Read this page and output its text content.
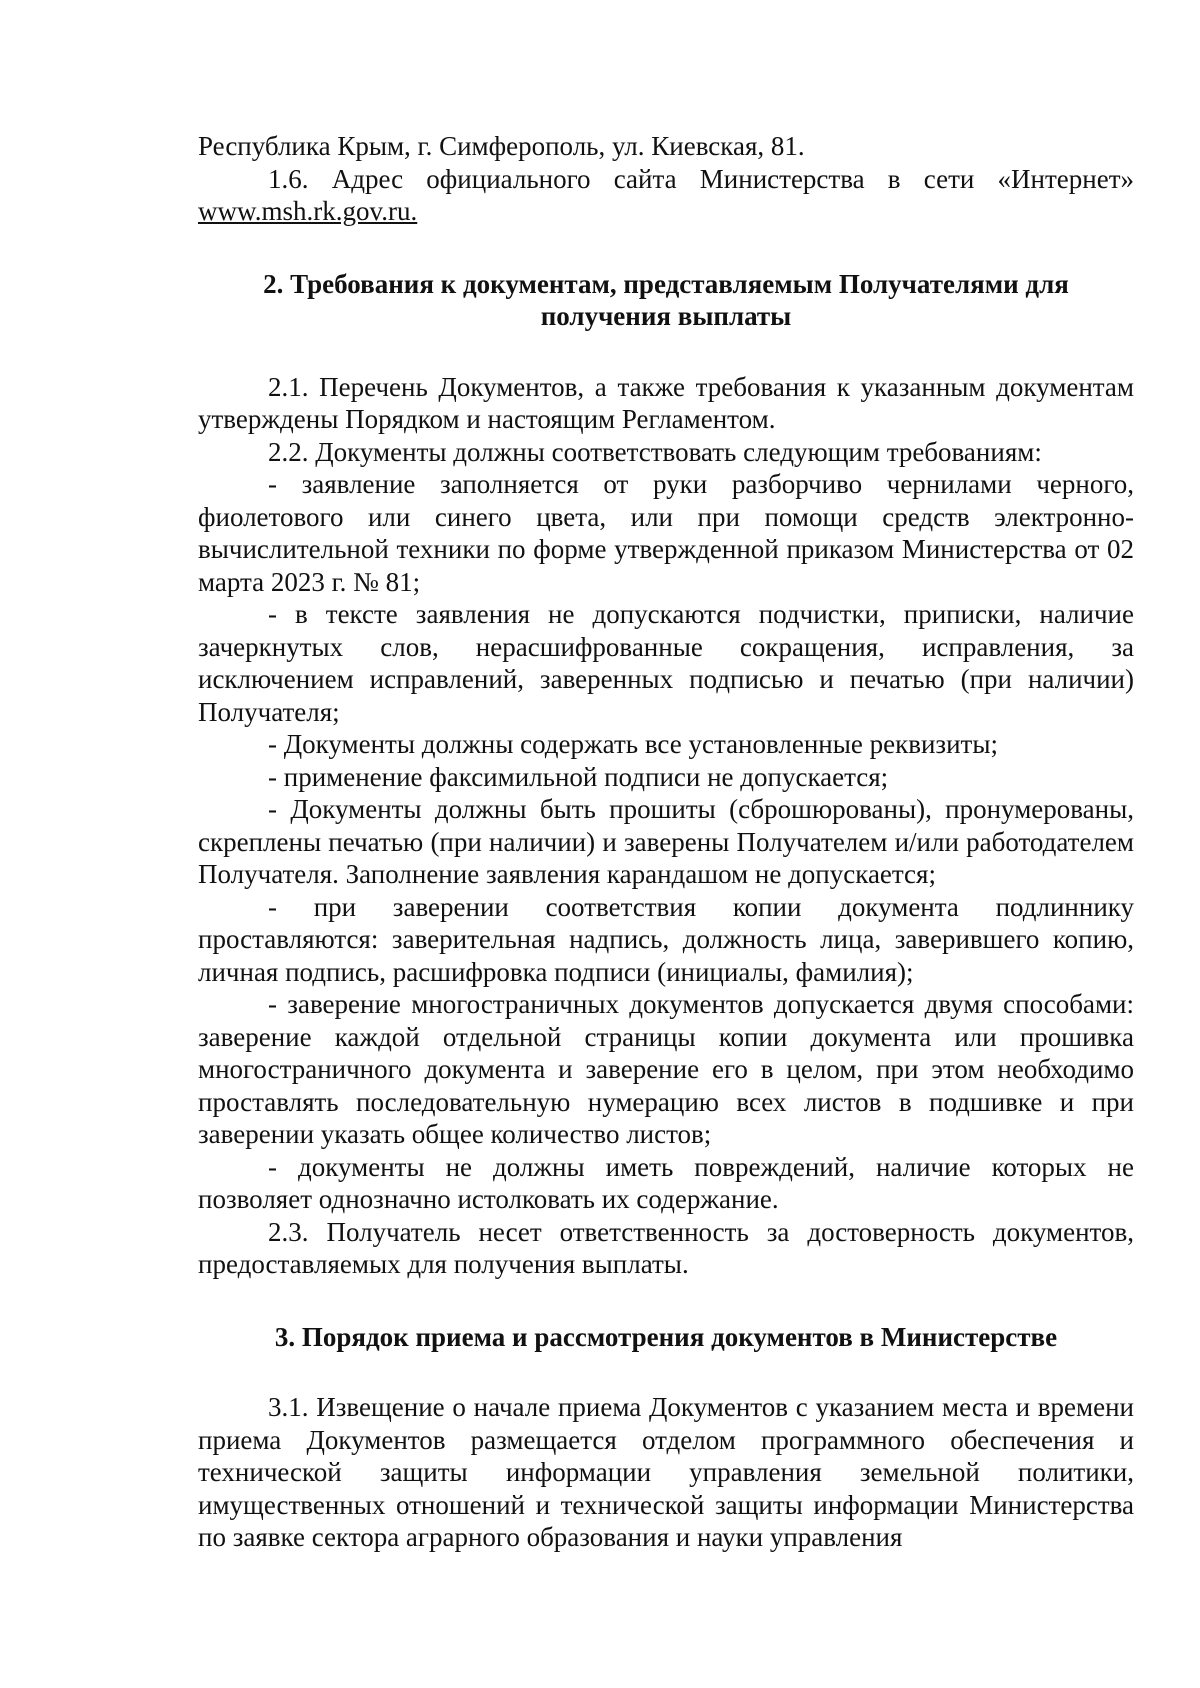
Республика Крым, г. Симферополь, ул. Киевская, 81.

1.6. Адрес официального сайта Министерства в сети «Интернет» www.msh.rk.gov.ru.

2. Требования к документам, представляемым Получателями для получения выплаты

2.1. Перечень Документов, а также требования к указанным документам утверждены Порядком и настоящим Регламентом.

2.2. Документы должны соответствовать следующим требованиям:

- заявление заполняется от руки разборчиво чернилами черного, фиолетового или синего цвета, или при помощи средств электронно-вычислительной техники по форме утвержденной приказом Министерства от 02 марта 2023 г. № 81;

- в тексте заявления не допускаются подчистки, приписки, наличие зачеркнутых слов, нерасшифрованные сокращения, исправления, за исключением исправлений, заверенных подписью и печатью (при наличии) Получателя;

- Документы должны содержать все установленные реквизиты;

- применение факсимильной подписи не допускается;

- Документы должны быть прошиты (сброшюрованы), пронумерованы, скреплены печатью (при наличии) и заверены Получателем и/или работодателем Получателя. Заполнение заявления карандашом не допускается;

- при заверении соответствия копии документа подлиннику проставляются: заверительная надпись, должность лица, заверившего копию, личная подпись, расшифровка подписи (инициалы, фамилия);

- заверение многостраничных документов допускается двумя способами: заверение каждой отдельной страницы копии документа или прошивка многостраничного документа и заверение его в целом, при этом необходимо проставлять последовательную нумерацию всех листов в подшивке и при заверении указать общее количество листов;

- документы не должны иметь повреждений, наличие которых не позволяет однозначно истолковать их содержание.

2.3. Получатель несет ответственность за достоверность документов, предоставляемых для получения выплаты.

3. Порядок приема и рассмотрения документов в Министерстве

3.1. Извещение о начале приема Документов с указанием места и времени приема Документов размещается отделом программного обеспечения и технической защиты информации управления земельной политики, имущественных отношений и технической защиты информации Министерства по заявке сектора аграрного образования и науки управления
